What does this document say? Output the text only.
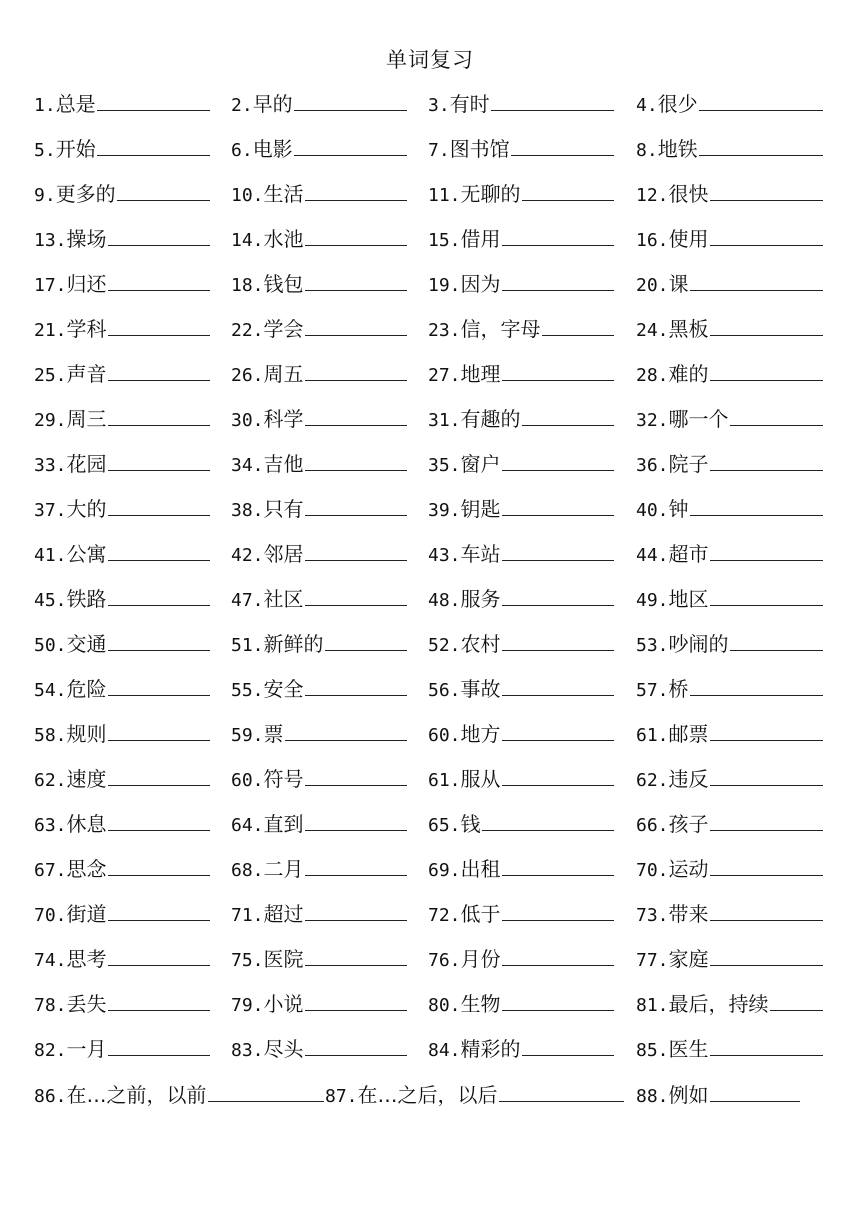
单词复习
1.总是	2.早的	3.有时	4.很少
5.开始	6.电影	7.图书馆	8.地铁
9.更多的	10.生活	11.无聊的	12.很快
13.操场	14.水池	15.借用	16.使用
17.归还	18.钱包	19.因为	20.课
21.学科	22.学会	23.信，字母	24.黑板
25.声音	26.周五	27.地理	28.难的
29.周三	30.科学	31.有趣的	32.哪一个
33.花园	34.吉他	35.窗户	36.院子
37.大的	38.只有	39.钥匙	40.钟
41.公寓	42.邻居	43.车站	44.超市
45.铁路	47.社区	48.服务	49.地区
50.交通	51.新鲜的	52.农村	53.吵闹的
54.危险	55.安全	56.事故	57.桥
58.规则	59.票	60.地方	61.邮票
62.速度	60.符号	61.服从	62.违反
63.休息	64.直到	65.钱	66.孩子
67.思念	68.二月	69.出租	70.运动
70.街道	71.超过	72.低于	73.带来
74.思考	75.医院	76.月份	77.家庭
78.丢失	79.小说	80.生物	81.最后，持续
82.一月	83.尽头	84.精彩的	85.医生
86.在…之前，以前	87.在…之后，以后	88.例如
